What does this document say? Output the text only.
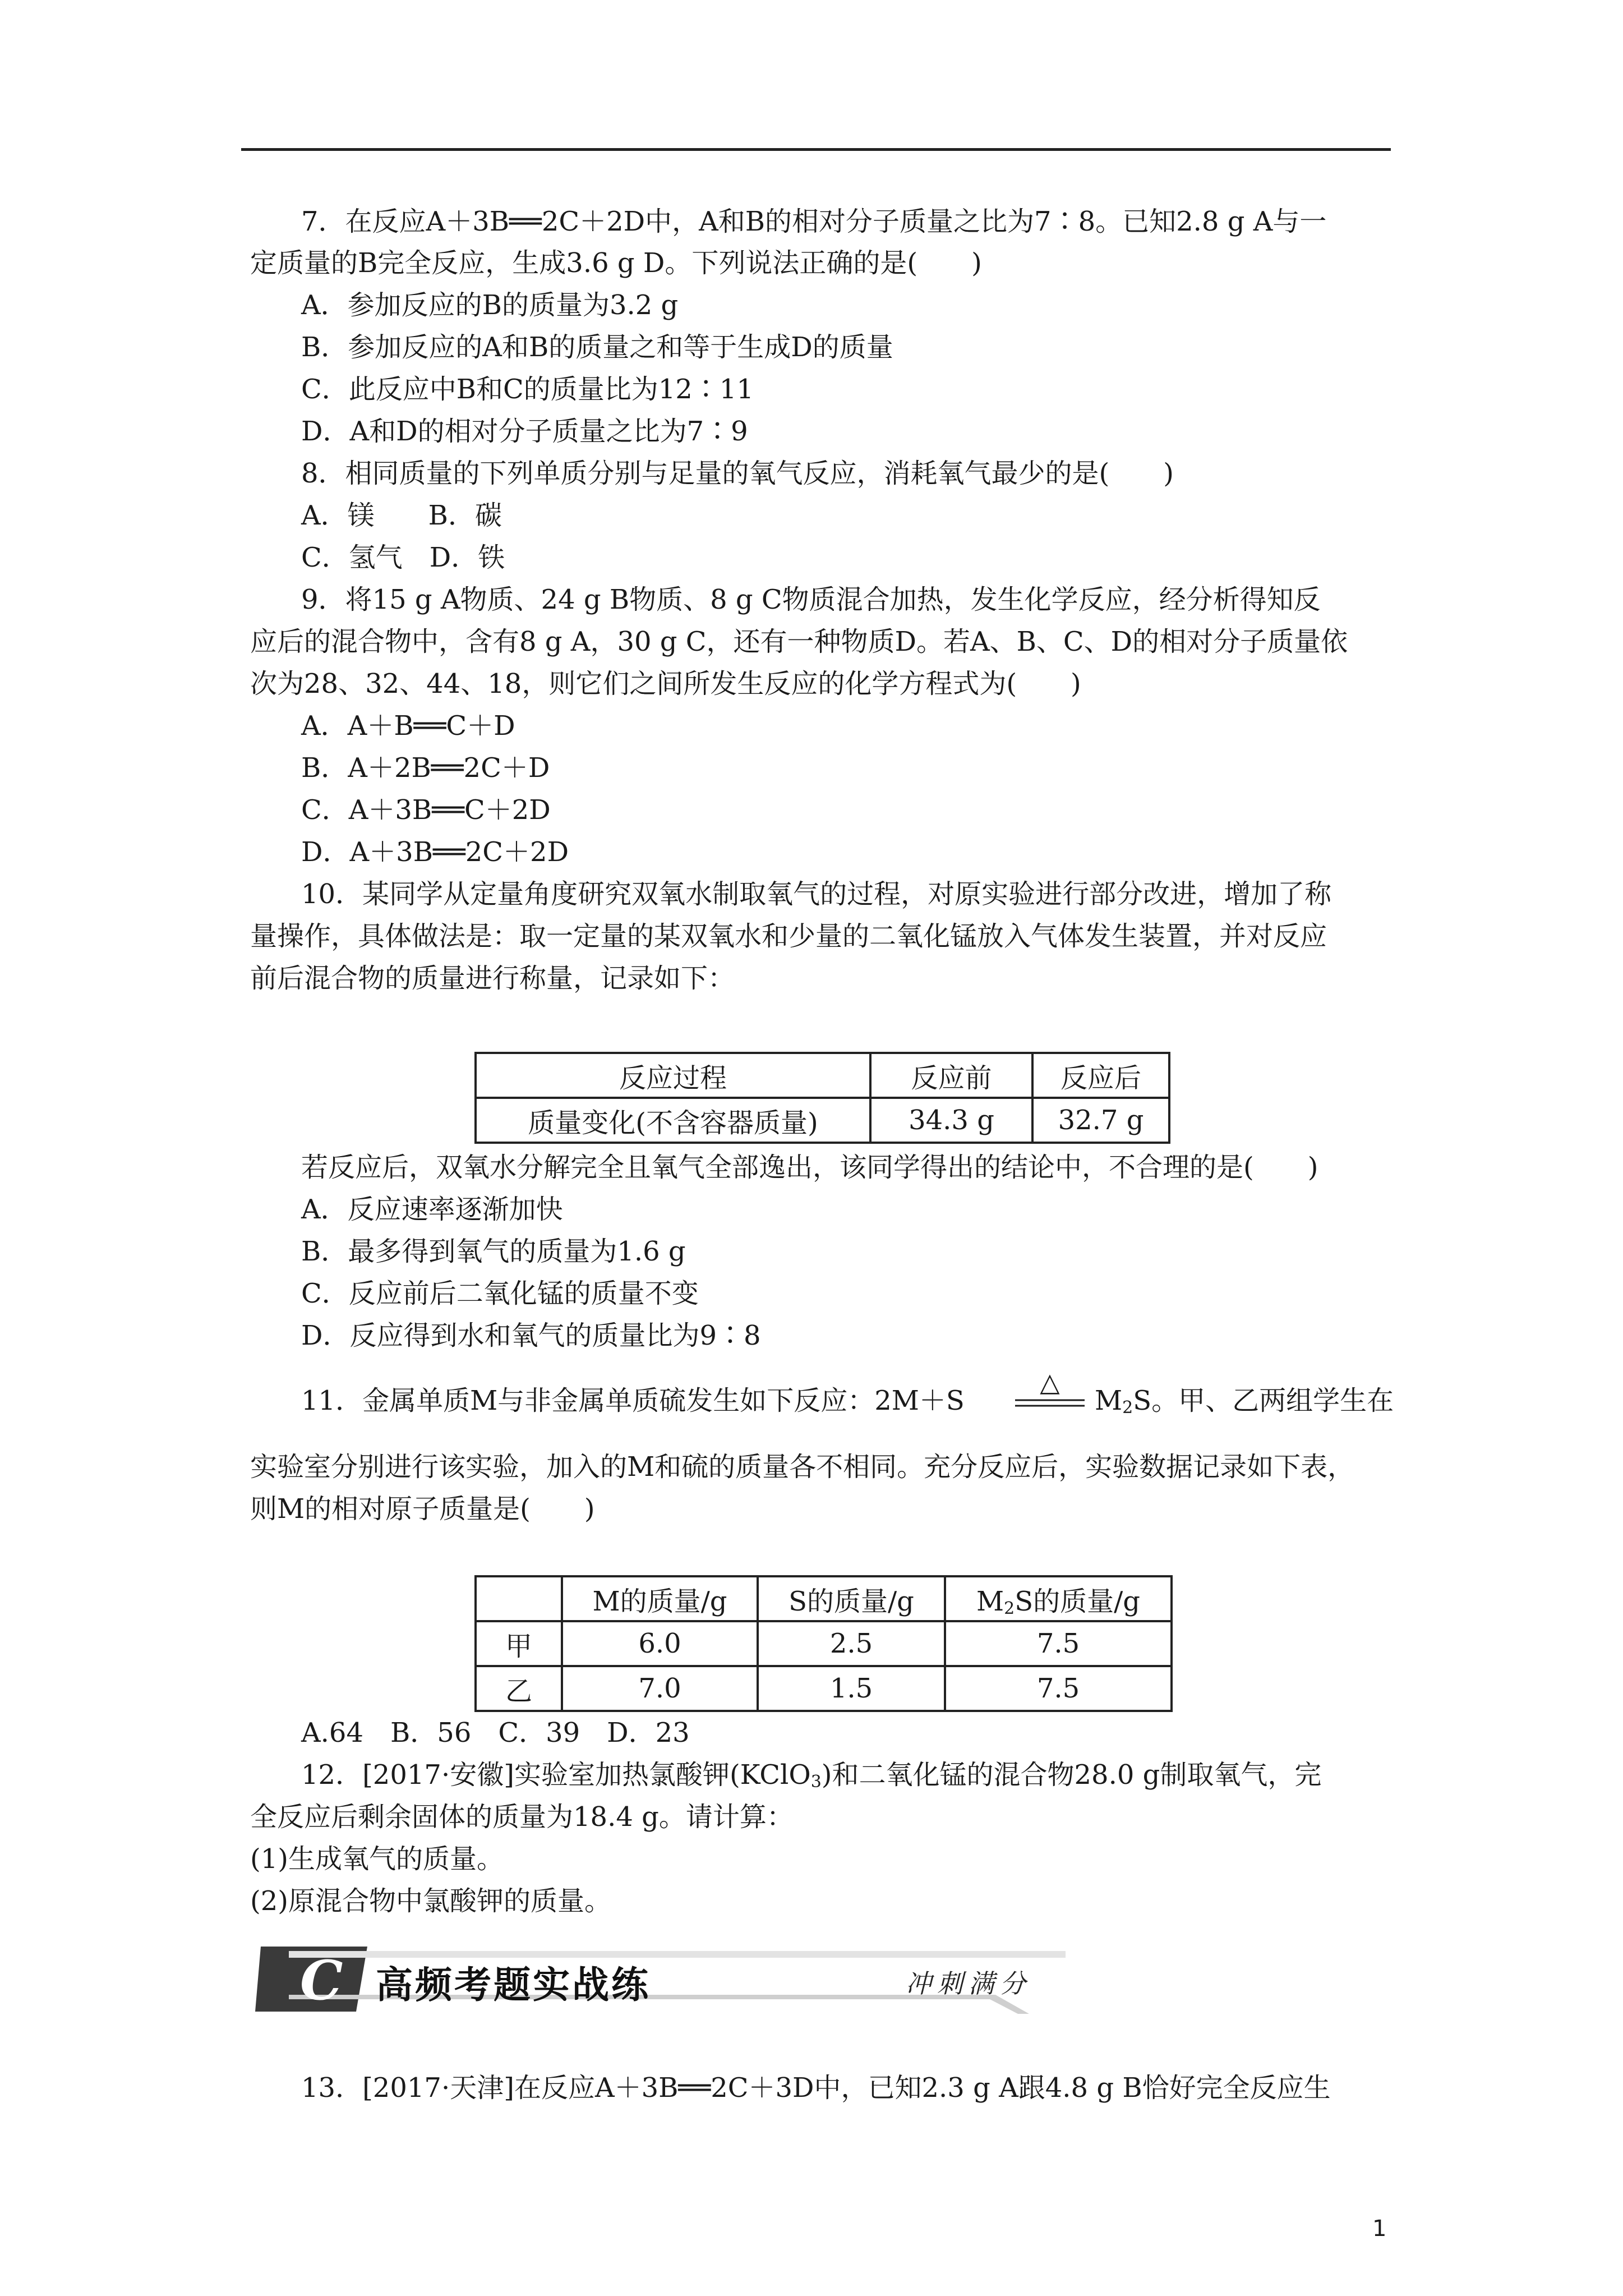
7．在反应A＋3B══2C＋2D中，A和B的相对分子质量之比为7∶8。已知2.8 g A与一
定质量的B完全反应，生成3.6 g D。下列说法正确的是(　　)
A．参加反应的B的质量为3.2 g
B．参加反应的A和B的质量之和等于生成D的质量
C．此反应中B和C的质量比为12∶11
D．A和D的相对分子质量之比为7∶9
8．相同质量的下列单质分别与足量的氧气反应，消耗氧气最少的是(　　)
A．镁　　B．碳
C．氢气　D．铁
9．将15 g A物质、24 g B物质、8 g C物质混合加热，发生化学反应，经分析得知反
应后的混合物中，含有8 g A，30 g C，还有一种物质D。若A、B、C、D的相对分子质量依
次为28、32、44、18，则它们之间所发生反应的化学方程式为(　　)
A．A＋B══C＋D
B．A＋2B══2C＋D
C．A＋3B══C＋2D
D．A＋3B══2C＋2D
10．某同学从定量角度研究双氧水制取氧气的过程，对原实验进行部分改进，增加了称
量操作，具体做法是：取一定量的某双氧水和少量的二氧化锰放入气体发生装置，并对反应
前后混合物的质量进行称量，记录如下：
反应过程	反应前	反应后
质量变化(不含容器质量)	34.3 g	32.7 g
若反应后，双氧水分解完全且氧气全部逸出，该同学得出的结论中，不合理的是(　　)
A．反应速率逐渐加快
B．最多得到氧气的质量为1.6 g
C．反应前后二氧化锰的质量不变
D．反应得到水和氧气的质量比为9∶8
11．金属单质M与非金属单质硫发生如下反应：2M＋S
△
$M_2S$。甲、乙两组学生在
实验室分别进行该实验，加入的M和硫的质量各不相同。充分反应后，实验数据记录如下表，
则M的相对原子质量是(　　)
	M的质量/g	S的质量/g	$M_2S$的质量/g
甲	6.0	2.5	7.5
乙	7.0	1.5	7.5
A.64　B．56　C．39　D．23
12．[2017·安徽]实验室加热氯酸钾(KClO$_3$)和二氧化锰的混合物28.0 g制取氧气，完
全反应后剩余固体的质量为18.4 g。请计算：
(1)生成氧气的质量。
(2)原混合物中氯酸钾的质量。
C 高频考题实战练	冲刺满分
13．[2017·天津]在反应A＋3B══2C＋3D中，已知2.3 g A跟4.8 g B恰好完全反应生
1
